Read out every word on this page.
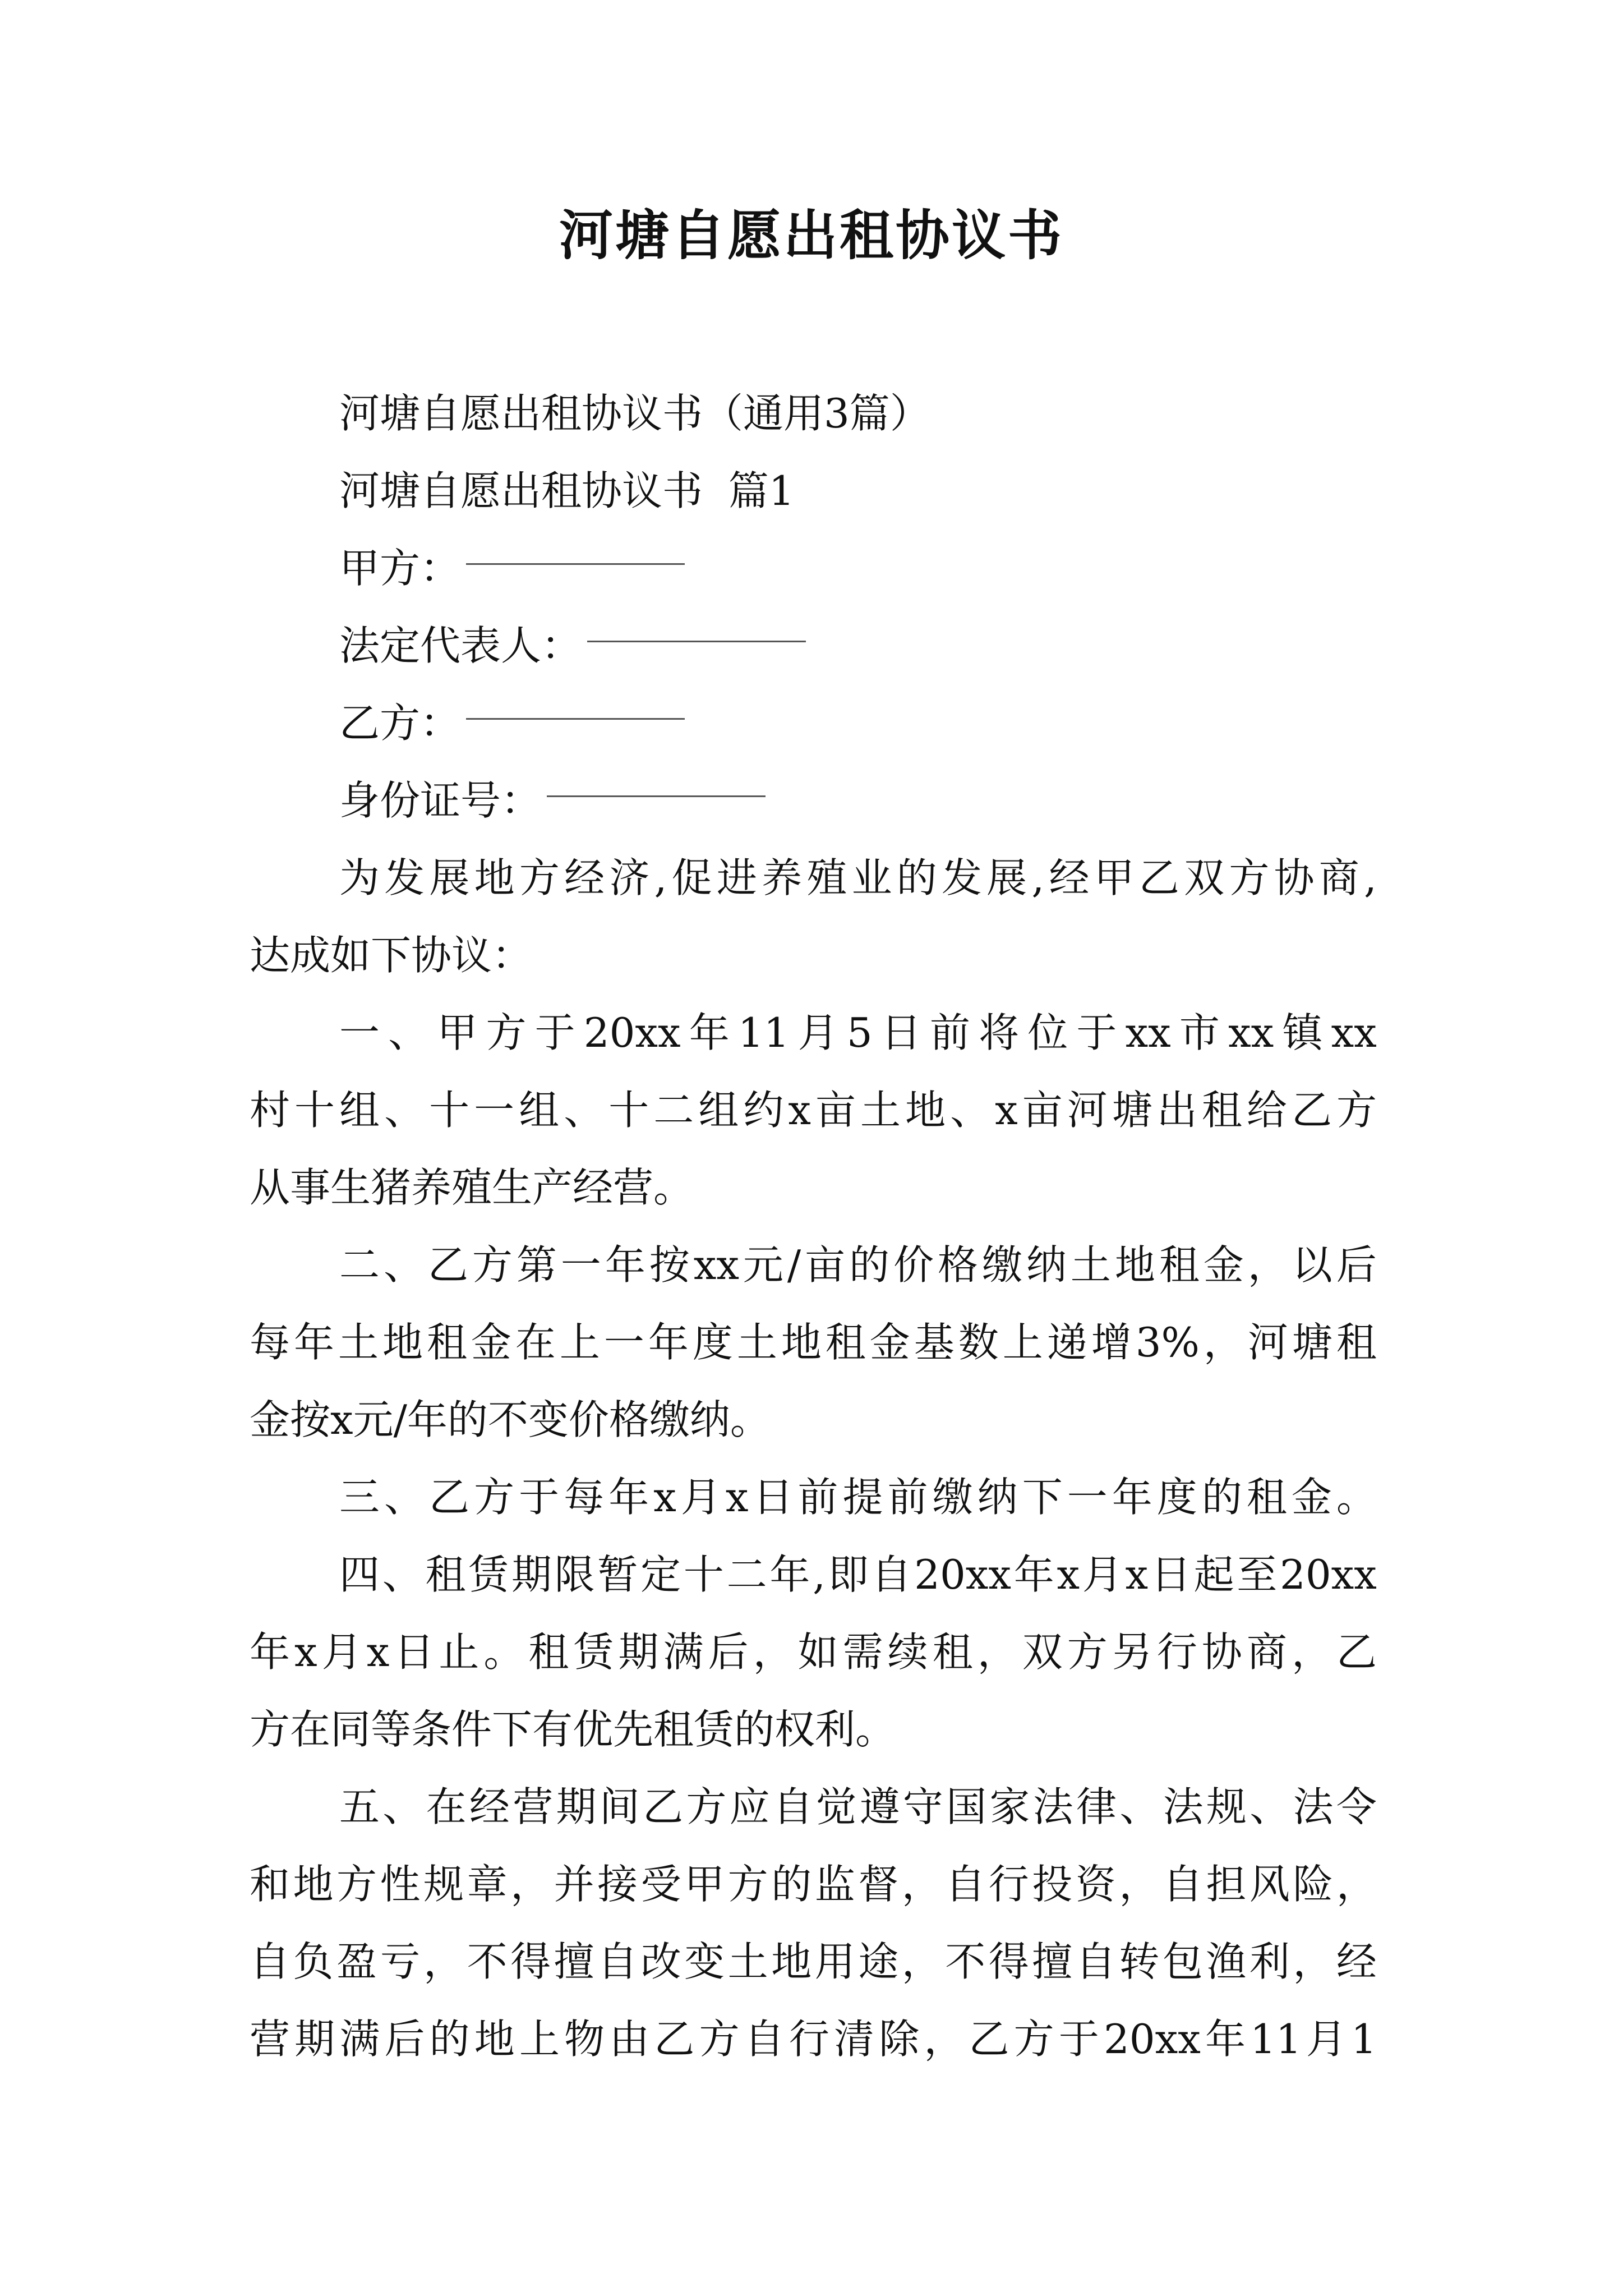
河塘自愿出租协议书
河塘自愿出租协议书（通用3篇）
河塘自愿出租协议书  篇1
甲方：
法定代表人：
乙方：
身份证号：
为 发 展 地 方 经 济 , 促 进 养 殖 业 的 发 展 , 经 甲 乙 双 方 协 商 ,
达成如下协议：
一 、 甲 方 于 20xx 年 11 月 5 日 前 将 位 于 xx 市 xx 镇 xx
村 十 组 、 十 一 组 、 十 二 组 约 x 亩 土 地 、 x 亩 河 塘 出 租 给 乙 方
从事生猪养殖生产经营。
二 、 乙 方 第 一 年 按 xx 元 / 亩 的 价 格 缴 纳 土 地 租 金 ， 以 后
每 年 土 地 租 金 在 上 一 年 度 土 地 租 金 基 数 上 递 增 3% ， 河 塘 租
金按x元/年的不变价格缴纳。
三 、 乙 方 于 每 年 x 月 x 日 前 提 前 缴 纳 下 一 年 度 的 租 金 。
四 、 租 赁 期 限 暂 定 十 二 年 , 即 自 20xx 年 x 月 x 日 起 至 20xx
年 x 月 x 日 止 。 租 赁 期 满 后 ， 如 需 续 租 ， 双 方 另 行 协 商 ， 乙
方在同等条件下有优先租赁的权利。
五 、 在 经 营 期 间 乙 方 应 自 觉 遵 守 国 家 法 律 、 法 规 、 法 令
和 地 方 性 规 章 ， 并 接 受 甲 方 的 监 督 ， 自 行 投 资 ， 自 担 风 险 ，
自 负 盈 亏 ， 不 得 擅 自 改 变 土 地 用 途 ， 不 得 擅 自 转 包 渔 利 ， 经
营 期 满 后 的 地 上 物 由 乙 方 自 行 清 除 ， 乙 方 于 20xx 年 11 月 1
